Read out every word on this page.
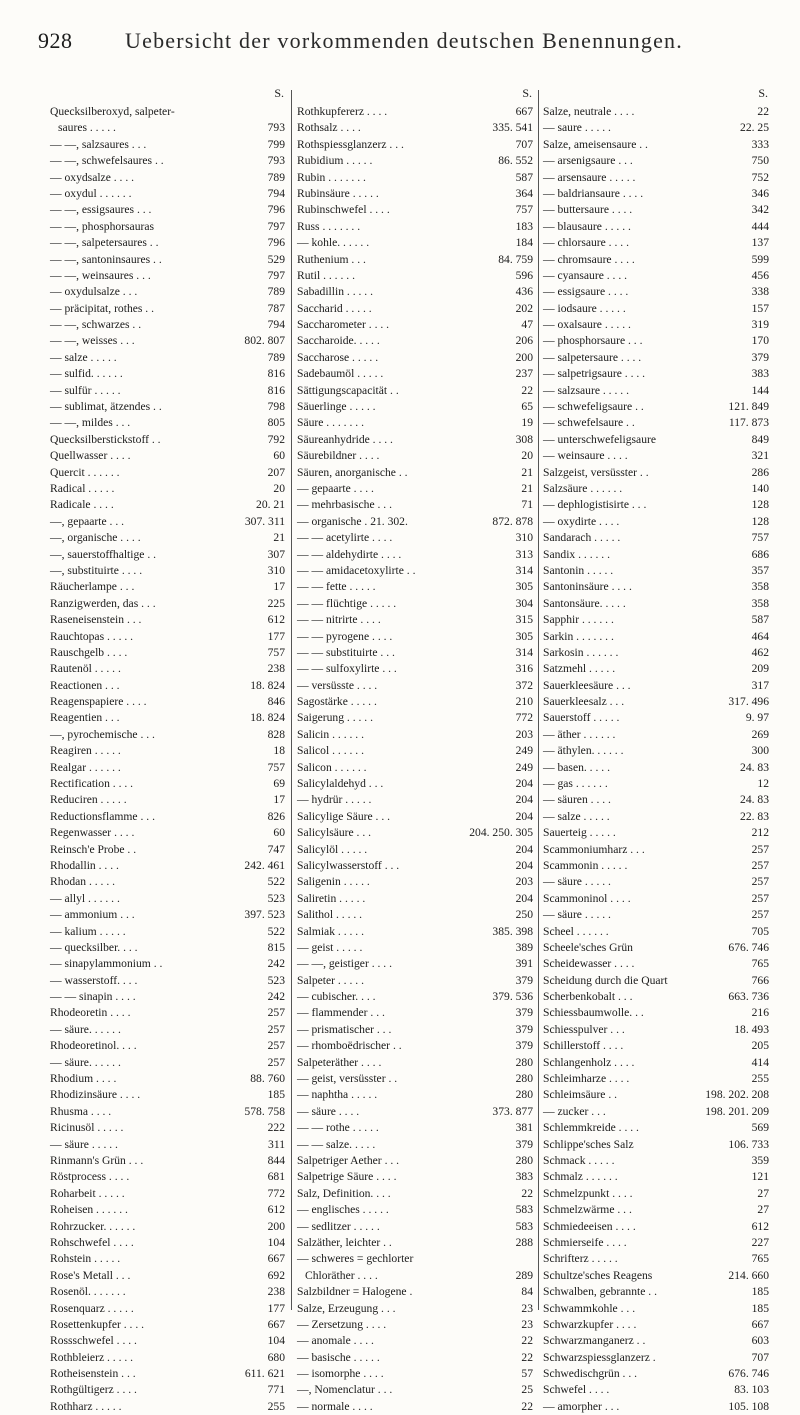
928	Uebersicht der vorkommenden deutschen Benennungen.
S.
Quecksilberoxyd, salpeter-
saures . . . . .	793
— —, salzsaures . . .	799
— —, schwefelsaures . .	793
— oxydsalze . . . .	789
— oxydul . . . . . .	794
— —, essigsaures . . .	796
— —, phosphorsauras	797
— —, salpetersaures . .	796
— —, santoninsaures . .	529
— —, weinsaures . . .	797
— oxydulsalze . . .	789
— präcipitat, rothes . .	787
— —, schwarzes . .	794
— —, weisses . . .	802. 807
— salze . . . . .	789
— sulfid. . . . . .	816
— sulfür . . . . .	816
— sublimat, ätzendes . .	798
— —, mildes . . .	805
Quecksilberstickstoff . .	792
Quellwasser . . . .	60
Quercit . . . . . .	207
Radical . . . . .	20
Radicale . . . .	20. 21
—, gepaarte . . .	307. 311
—, organische . . . .	21
—, sauerstoffhaltige . .	307
—, substituirte . . . .	310
Räucherlampe . . .	17
Ranzigwerden, das . . .	225
Raseneisenstein . . .	612
Rauchtopas . . . . .	177
Rauschgelb . . . .	757
Rautenöl . . . . .	238
Reactionen . . .	18. 824
Reagenspapiere . . . .	846
Reagentien . . .	18. 824
—, pyrochemische . . .	828
Reagiren . . . . .	18
Realgar . . . . . .	757
Rectification . . . .	69
Reduciren . . . . .	17
Reductionsflamme . . .	826
Regenwasser . . . .	60
Reinsch'e Probe . .	747
Rhodallin . . . .	242. 461
Rhodan . . . . .	522
— allyl . . . . . .	523
— ammonium . . .	397. 523
— kalium . . . . .	522
— quecksilber. . . .	815
— sinapylammonium . .	242
— wasserstoff. . . .	523
— — sinapin . . . .	242
Rhodeoretin . . . .	257
— säure. . . . . .	257
Rhodeoretinol. . . .	257
— säure. . . . . .	257
Rhodium . . . .	88. 760
Rhodizinsäure . . . .	185
Rhusma . . . .	578. 758
Ricinusöl . . . . .	222
— säure . . . . .	311
Rinmann's Grün . . .	844
Röstprocess . . . .	681
Roharbeit . . . . .	772
Roheisen . . . . . .	612
Rohrzucker. . . . . .	200
Rohschwefel . . . .	104
Rohstein . . . . .	667
Rose's Metall . . .	692
Rosenöl. . . . . . .	238
Rosenquarz . . . . .	177
Rosettenkupfer . . . .	667
Rossschwefel . . . .	104
Rothbleierz . . . . .	680
Rotheisenstein . . .	611. 621
Rothgültigerz . . . .	771
Rothharz . . . . .	255
S.
Rothkupfererz . . . .	667
Rothsalz . . . .	335. 541
Rothspiessglanzerz . . .	707
Rubidium . . . . .	86. 552
Rubin . . . . . . .	587
Rubinsäure . . . . .	364
Rubinschwefel . . . .	757
Russ . . . . . . .	183
— kohle. . . . . .	184
Ruthenium . . .	84. 759
Rutil . . . . . .	596
Sabadillin . . . . .	436
Saccharid . . . . .	202
Saccharometer . . . .	47
Saccharoide. . . . .	206
Saccharose . . . . .	200
Sadebaumöl . . . . .	237
Sättigungscapacität . .	22
Säuerlinge . . . . .	65
Säure . . . . . . .	19
Säureanhydride . . . .	308
Säurebildner . . . .	20
Säuren, anorganische . .	21
— gepaarte . . . .	21
— mehrbasische . . .	71
— organische . 21. 302.	872. 878
— — acetylirte . . . .	310
— — aldehydirte . . . .	313
— — amidacetoxylirte . .	314
— — fette . . . . .	305
— — flüchtige . . . . .	304
— — nitrirte . . . .	315
— — pyrogene . . . .	305
— — substituirte . . .	314
— — sulfoxylirte . . .	316
— versüsste . . . .	372
Sagostärke . . . . .	210
Saigerung . . . . .	772
Salicin . . . . . .	203
Salicol . . . . . .	249
Salicon . . . . . .	249
Salicylaldehyd . . .	204
— hydrür . . . . .	204
Salicylige Säure . . .	204
Salicylsäure . . .	204. 250. 305
Salicylöl . . . . .	204
Salicylwasserstoff . . .	204
Saligenin . . . . .	203
Saliretin . . . . .	204
Salithol . . . . .	250
Salmiak . . . . .	385. 398
— geist . . . . .	389
— —, geistiger . . . .	391
Salpeter . . . . .	379
— cubischer. . . .	379. 536
— flammender . . .	379
— prismatischer . . .	379
— rhomboëdrischer . .	379
Salpeteräther . . . .	280
— geist, versüsster . .	280
— naphtha . . . . .	280
— säure . . . .	373. 877
— — rothe . . . . .	381
— — salze. . . . .	379
Salpetriger Aether . . .	280
Salpetrige Säure . . . .	383
Salz, Definition. . . .	22
— englisches . . . . .	583
— sedlitzer . . . . .	583
Salzäther, leichter . .	288
— schweres = gechlorter
Chloräther . . . .	289
Salzbildner = Halogene .	84
Salze, Erzeugung . . .	23
— Zersetzung . . . .	23
— anomale . . . .	22
— basische . . . . .	22
— isomorphe . . . .	57
—, Nomenclatur . . .	25
— normale . . . .	22
S.
Salze, neutrale . . . .	22
— saure . . . . .	22. 25
Salze, ameisensaure . .	333
— arsenigsaure . . .	750
— arsensaure . . . . .	752
— baldriansaure . . . .	346
— buttersaure . . . .	342
— blausaure . . . . .	444
— chlorsaure . . . .	137
— chromsaure . . . .	599
— cyansaure . . . .	456
— essigsaure . . . .	338
— iodsaure . . . . .	157
— oxalsaure . . . . .	319
— phosphorsaure . . .	170
— salpetersaure . . . .	379
— salpetrigsaure . . . .	383
— salzsaure . . . . .	144
— schwefeligsaure . .	121. 849
— schwefelsaure . .	117. 873
— unterschwefeligsaure	849
— weinsaure . . . .	321
Salzgeist, versüsster . .	286
Salzsäure . . . . . .	140
— dephlogistisirte . . .	128
— oxydirte . . . .	128
Sandarach . . . . .	757
Sandix . . . . . .	686
Santonin . . . . .	357
Santoninsäure . . . .	358
Santonsäure. . . . .	358
Sapphir . . . . . .	587
Sarkin . . . . . . .	464
Sarkosin . . . . . .	462
Satzmehl . . . . .	209
Sauerkleesäure . . .	317
Sauerkleesalz . . .	317. 496
Sauerstoff . . . . .	9. 97
— äther . . . . . .	269
— äthylen. . . . . .	300
— basen. . . . .	24. 83
— gas . . . . . .	12
— säuren . . . .	24. 83
— salze . . . . .	22. 83
Sauerteig . . . . .	212
Scammoniumharz . . .	257
Scammonin . . . . .	257
— säure . . . . .	257
Scammoninol . . . .	257
— säure . . . . .	257
Scheel . . . . . .	705
Scheele'sches Grün	676. 746
Scheidewasser . . . .	765
Scheidung durch die Quart	766
Scherbenkobalt . . .	663. 736
Schiessbaumwolle. . .	216
Schiesspulver . . .	18. 493
Schillerstoff . . . .	205
Schlangenholz . . . .	414
Schleimharze . . . .	255
Schleimsäure . .	198. 202. 208
— zucker . . .	198. 201. 209
Schlemmkreide . . . .	569
Schlippe'sches Salz	106. 733
Schmack . . . . .	359
Schmalz . . . . . .	121
Schmelzpunkt . . . .	27
Schmelzwärme . . .	27
Schmiedeeisen . . . .	612
Schmierseife . . . .	227
Schrifterz . . . . .	765
Schultze'sches Reagens	214. 660
Schwalben, gebrannte . .	185
Schwammkohle . . .	185
Schwarzkupfer . . . .	667
Schwarzmanganerz . .	603
Schwarzspiessglanzerz .	707
Schwedischgrün . . .	676. 746
Schwefel . . . .	83. 103
— amorpher . . .	105. 108
